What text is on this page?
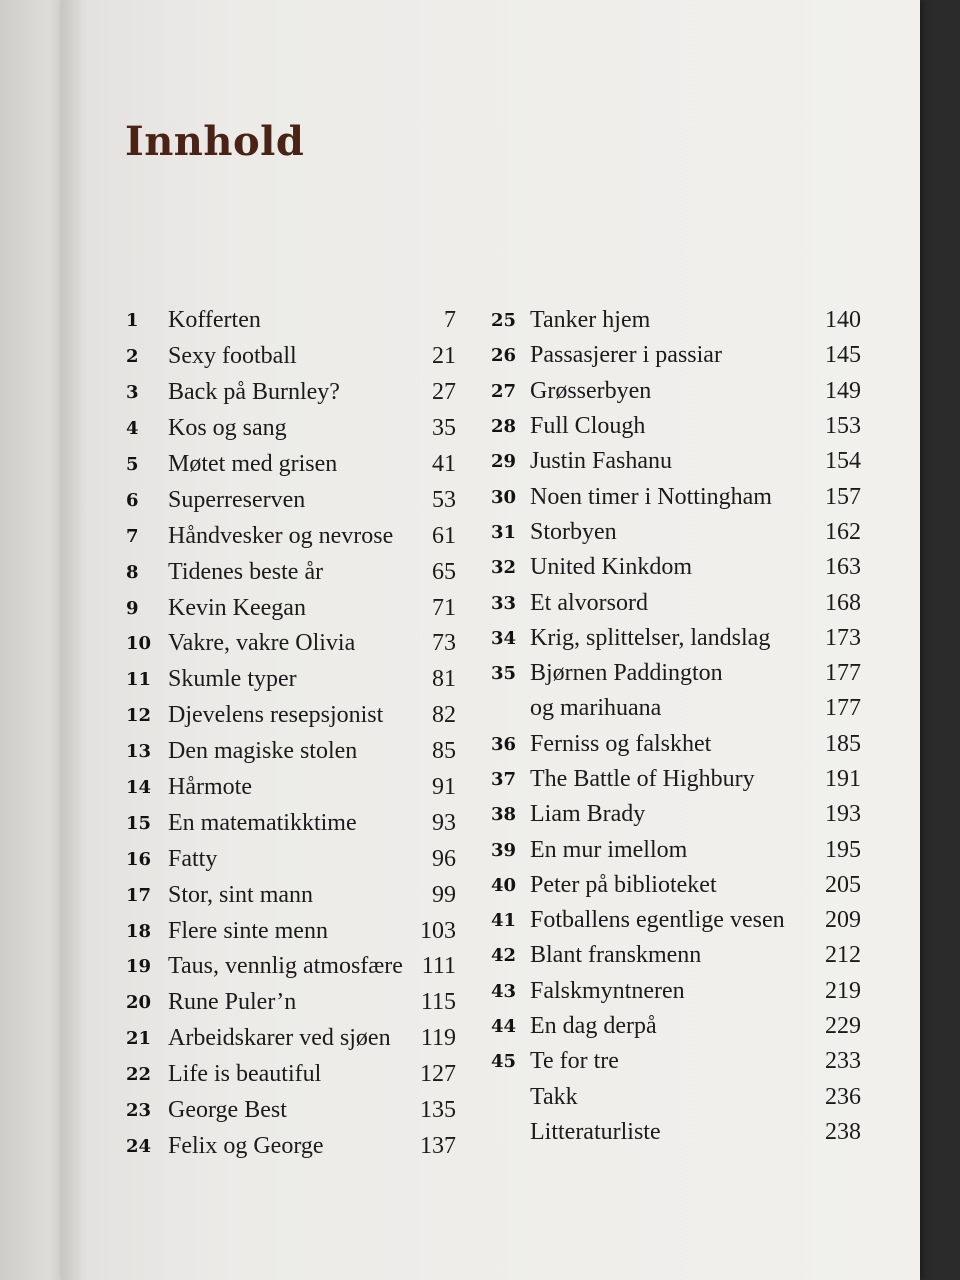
Innhold
1	Kofferten	7
2	Sexy football	21
3	Back på Burnley?	27
4	Kos og sang	35
5	Møtet med grisen	41
6	Superreserven	53
7	Håndvesker og nevrose	61
8	Tidenes beste år	65
9	Kevin Keegan	71
10 Vakre, vakre Olivia	73
11 Skumle typer	81
12 Djevelens resepsjonist	82
13 Den magiske stolen	85
14 Hårmote	91
15 En matematikktime	93
16 Fatty	96
17 Stor, sint mann	99
18 Flere sinte menn	103
19 Taus, vennlig atmosfære 111
20 Rune Puler’n	115
21 Arbeidskarer ved sjøen	119
22 Life is beautiful	127
23 George Best	135
24 Felix og George	137
25 Tanker hjem	140
26 Passasjerer i passiar	145
27 Grøsserbyen	149
28 Full Clough	153
29 Justin Fashanu	154
30 Noen timer i Nottingham	157
31 Storbyen	162
32 United Kinkdom	163
33 Et alvorsord	168
34 Krig, splittelser, landslag	173
35 Bjørnen Paddington	177
og marihuana	177
36 Ferniss og falskhet	185
37 The Battle of Highbury	191
38 Liam Brady	193
39 En mur imellom	195
40 Peter på biblioteket	205
41 Fotballens egentlige vesen	209
42 Blant franskmenn	212
43 Falskmyntneren	219
44 En dag derpå	229
45 Te for tre	233
Takk	236
Litteraturliste	238
